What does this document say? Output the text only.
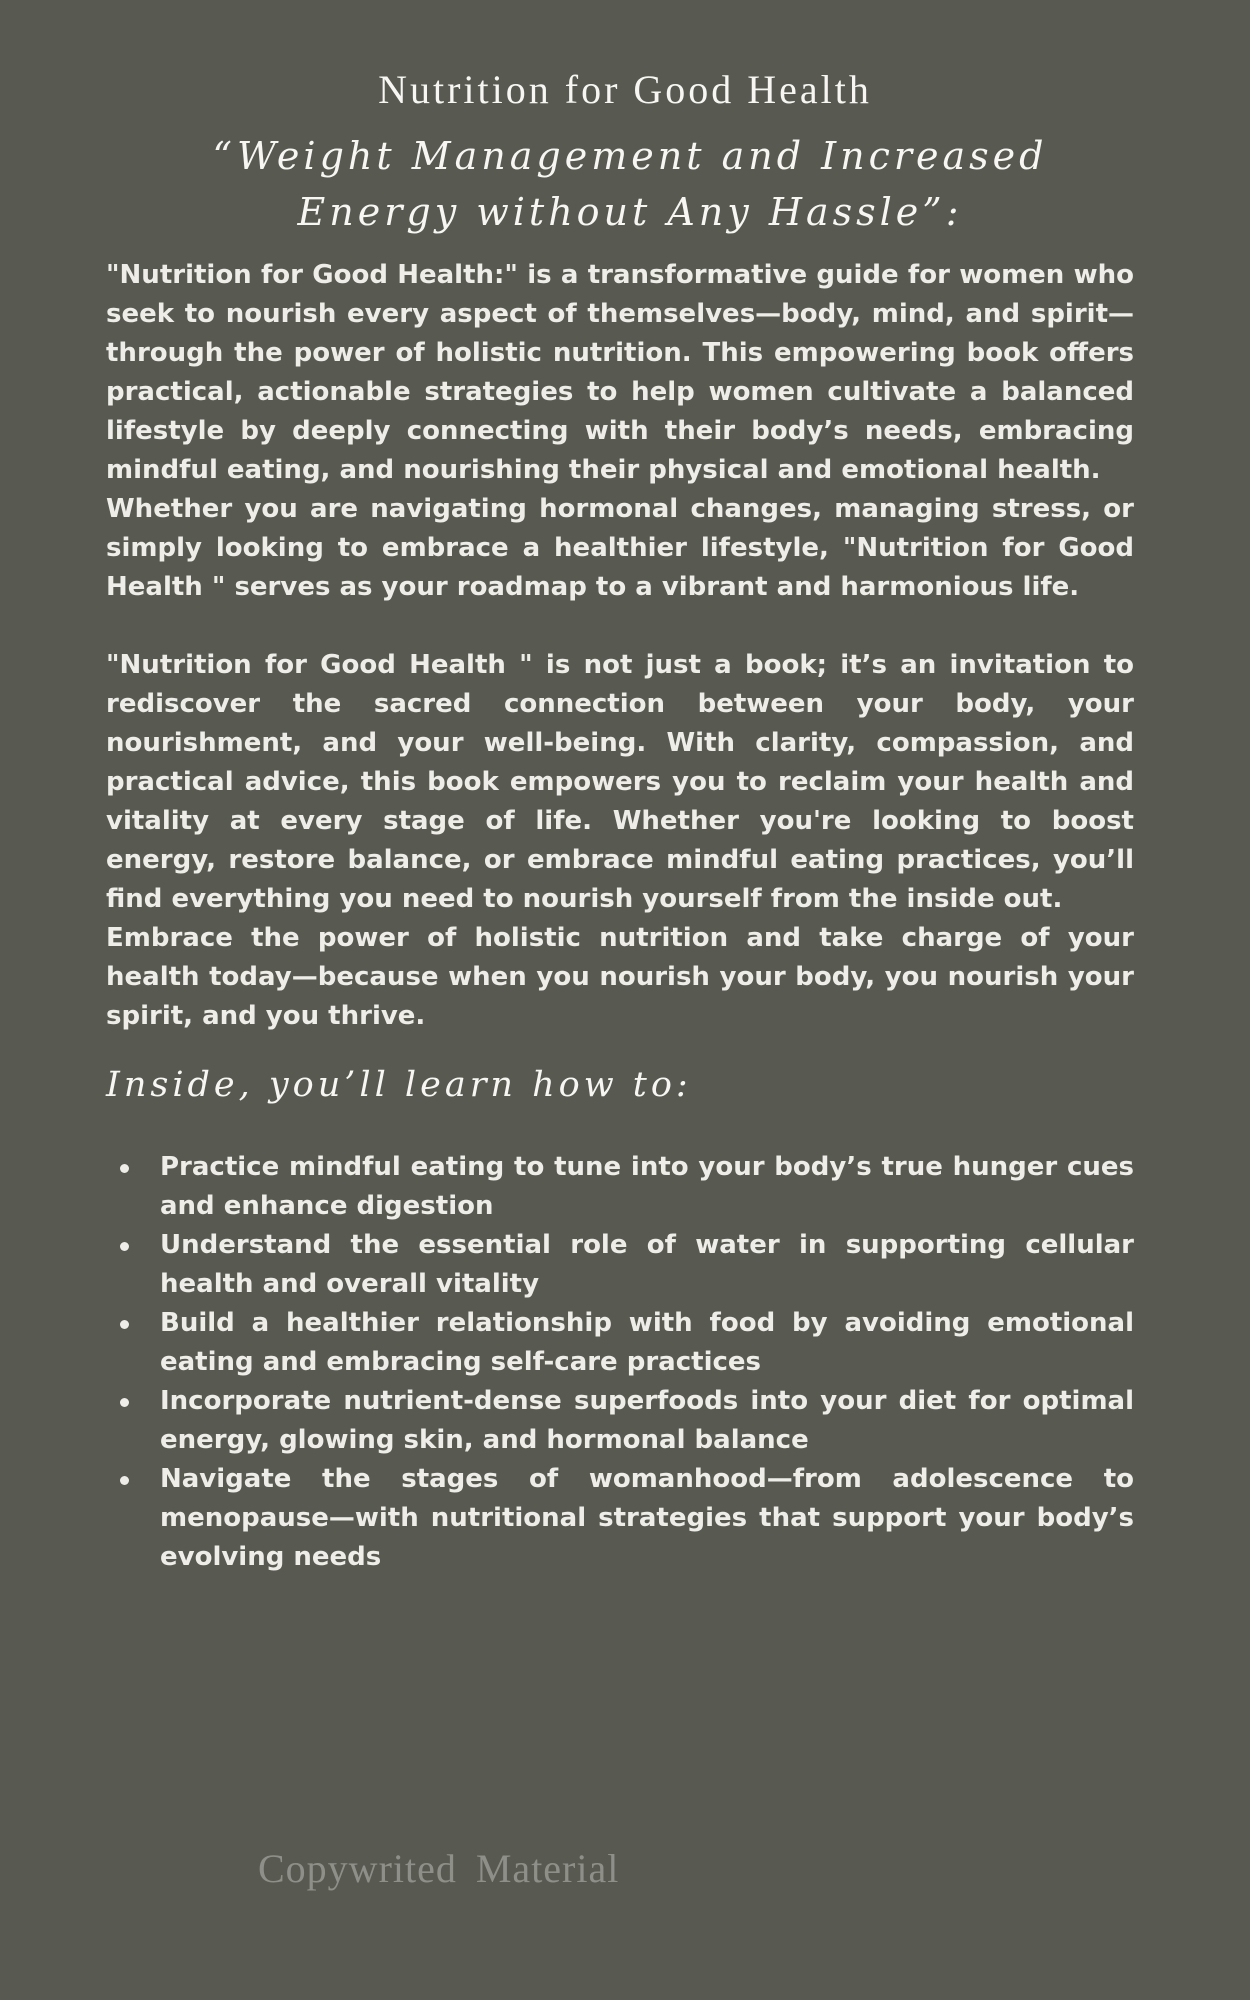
Nutrition for Good Health
“Weight Management and Increased Energy without Any Hassle”:

"Nutrition for Good Health:" is a transformative guide for women who seek to nourish every aspect of themselves—body, mind, and spirit—through the power of holistic nutrition. This empowering book offers practical, actionable strategies to help women cultivate a balanced lifestyle by deeply connecting with their body’s needs, embracing mindful eating, and nourishing their physical and emotional health.

Whether you are navigating hormonal changes, managing stress, or simply looking to embrace a healthier lifestyle, "Nutrition for Good Health " serves as your roadmap to a vibrant and harmonious life.

"Nutrition for Good Health " is not just a book; it’s an invitation to rediscover the sacred connection between your body, your nourishment, and your well-being. With clarity, compassion, and practical advice, this book empowers you to reclaim your health and vitality at every stage of life. Whether you're looking to boost energy, restore balance, or embrace mindful eating practices, you’ll find everything you need to nourish yourself from the inside out.

Embrace the power of holistic nutrition and take charge of your health today—because when you nourish your body, you nourish your spirit, and you thrive.

Inside, you’ll learn how to:
Practice mindful eating to tune into your body’s true hunger cues and enhance digestion
Understand the essential role of water in supporting cellular health and overall vitality
Build a healthier relationship with food by avoiding emotional eating and embracing self-care practices
Incorporate nutrient-dense superfoods into your diet for optimal energy, glowing skin, and hormonal balance
Navigate the stages of womanhood—from adolescence to menopause—with nutritional strategies that support your body’s evolving needs
Copywrited Material
